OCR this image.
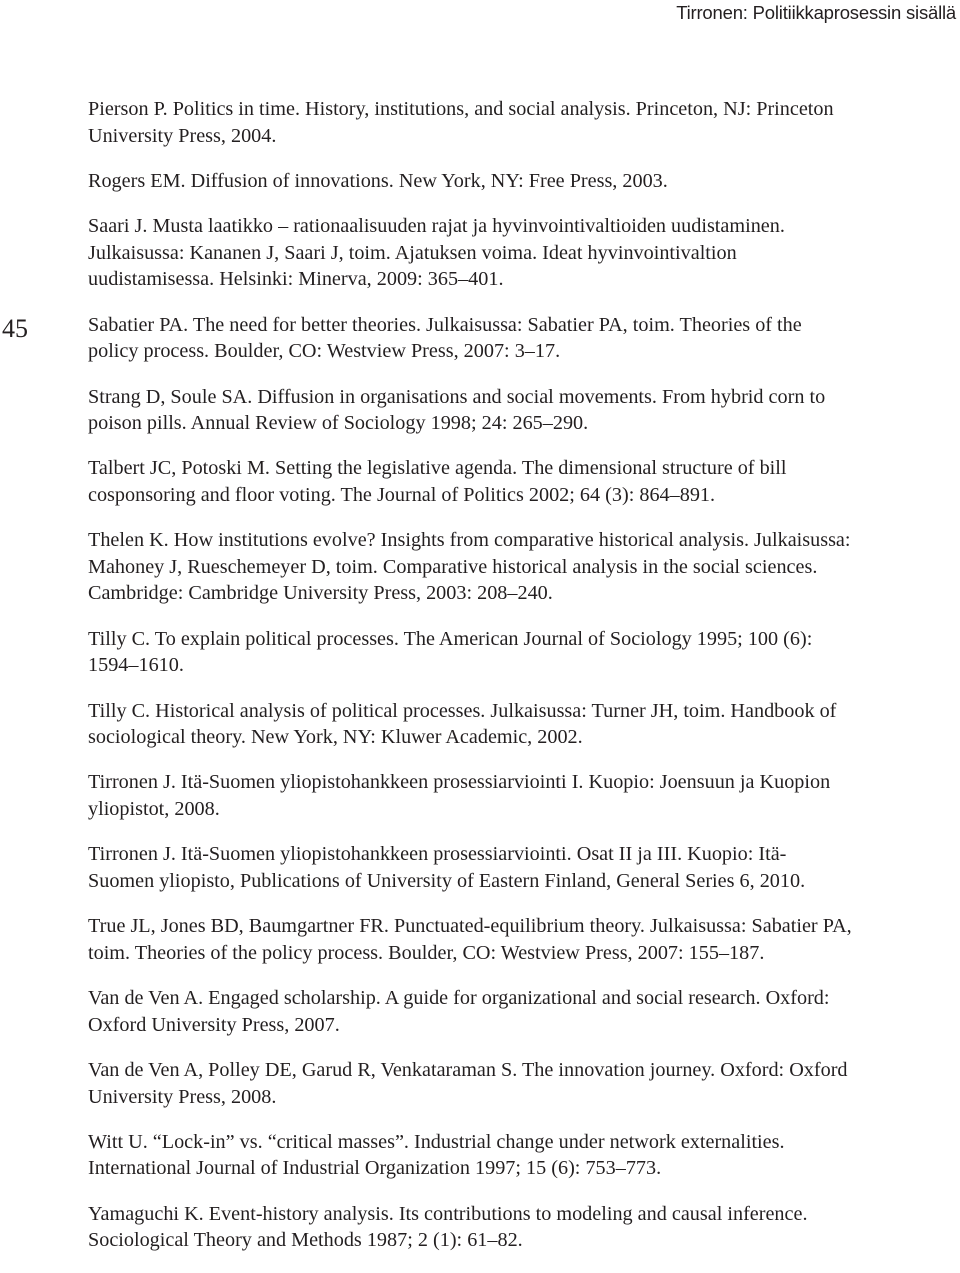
Tirronen: Politiikkaprosessin sisällä
45
Pierson P. Politics in time. History, institutions, and social analysis. Princeton, NJ: Princeton
University Press, 2004.
Rogers EM. Diffusion of innovations. New York, NY: Free Press, 2003.
Saari J. Musta laatikko – rationaalisuuden rajat ja hyvinvointivaltioiden uudistaminen.
Julkaisussa: Kananen J, Saari J, toim. Ajatuksen voima. Ideat hyvinvointivaltion
uudistamisessa. Helsinki: Minerva, 2009: 365–401.
Sabatier PA. The need for better theories. Julkaisussa: Sabatier PA, toim. Theories of the
policy process. Boulder, CO: Westview Press, 2007: 3–17.
Strang D, Soule SA. Diffusion in organisations and social movements. From hybrid corn to
poison pills. Annual Review of Sociology 1998; 24: 265–290.
Talbert JC, Potoski M. Setting the legislative agenda. The dimensional structure of bill
cosponsoring and floor voting. The Journal of Politics 2002; 64 (3): 864–891.
Thelen K. How institutions evolve? Insights from comparative historical analysis. Julkaisussa:
Mahoney J, Rueschemeyer D, toim. Comparative historical analysis in the social sciences.
Cambridge: Cambridge University Press, 2003: 208–240.
Tilly C. To explain political processes. The American Journal of Sociology 1995; 100 (6):
1594–1610.
Tilly C. Historical analysis of political processes. Julkaisussa: Turner JH, toim. Handbook of
sociological theory. New York, NY: Kluwer Academic, 2002.
Tirronen J. Itä-Suomen yliopistohankkeen prosessiarviointi I. Kuopio: Joensuun ja Kuopion
yliopistot, 2008.
Tirronen J. Itä-Suomen yliopistohankkeen prosessiarviointi. Osat II ja III. Kuopio: Itä-
Suomen yliopisto, Publications of University of Eastern Finland, General Series 6, 2010.
True JL, Jones BD, Baumgartner FR. Punctuated-equilibrium theory. Julkaisussa: Sabatier PA,
toim. Theories of the policy process. Boulder, CO: Westview Press, 2007: 155–187.
Van de Ven A. Engaged scholarship. A guide for organizational and social research. Oxford:
Oxford University Press, 2007.
Van de Ven A, Polley DE, Garud R, Venkataraman S. The innovation journey. Oxford: Oxford
University Press, 2008.
Witt U. “Lock-in” vs. “critical masses”. Industrial change under network externalities.
International Journal of Industrial Organization 1997; 15 (6): 753–773.
Yamaguchi K. Event-history analysis. Its contributions to modeling and causal inference.
Sociological Theory and Methods 1987; 2 (1): 61–82.
